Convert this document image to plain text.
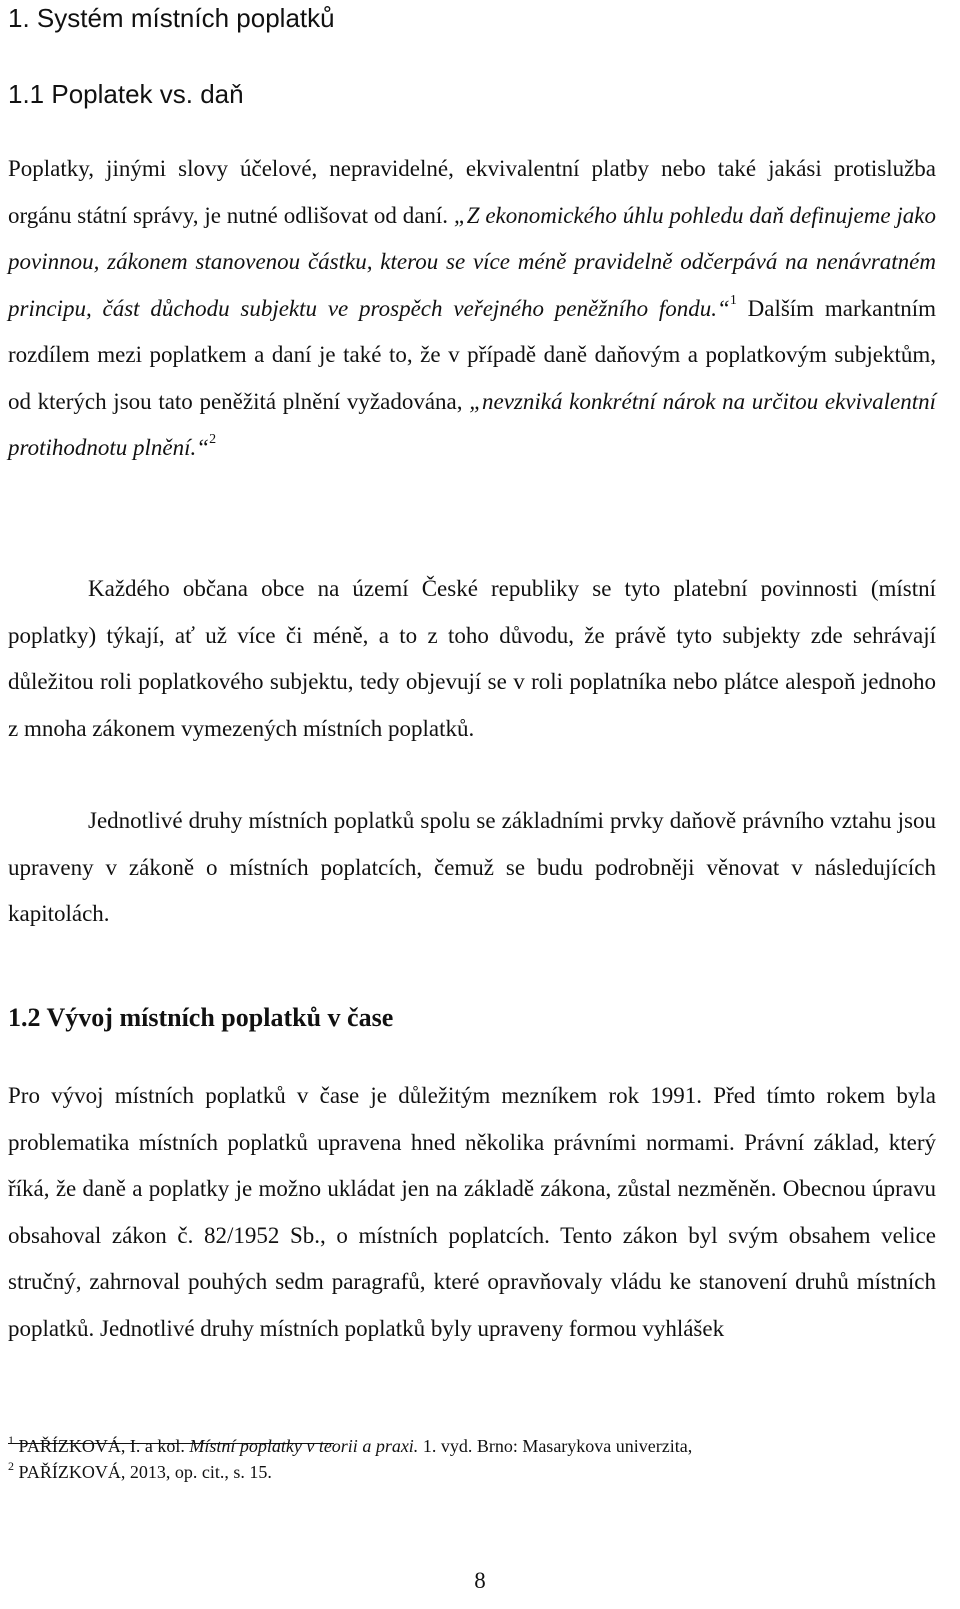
1. Systém místních poplatků
1.1 Poplatek vs. daň

Poplatky, jinými slovy účelové, nepravidelné, ekvivalentní platby nebo také jakási protislužba orgánu státní správy, je nutné odlišovat od daní. „Z ekonomického úhlu pohledu daň definujeme jako povinnou, zákonem stanovenou částku, kterou se více méně pravidelně odčerpává na nenávratném principu, část důchodu subjektu ve prospěch veřejného peněžního fondu.“$^1$ Dalším markantním rozdílem mezi poplatkem a daní je také to, že v případě daně daňovým a poplatkovým subjektům, od kterých jsou tato peněžitá plnění vyžadována, „nevzniká konkrétní nárok na určitou ekvivalentní protihodnotu plnění.“$^2$

Každého občana obce na území České republiky se tyto platební povinnosti (místní poplatky) týkají, ať už více či méně, a to z toho důvodu, že právě tyto subjekty zde sehrávají důležitou roli poplatkového subjektu, tedy objevují se v roli poplatníka nebo plátce alespoň jednoho z mnoha zákonem vymezených místních poplatků.

Jednotlivé druhy místních poplatků spolu se základními prvky daňově právního vztahu jsou upraveny v zákoně o místních poplatcích, čemuž se budu podrobněji věnovat v následujících kapitolách.

1.2 Vývoj místních poplatků v čase

Pro vývoj místních poplatků v čase je důležitým mezníkem rok 1991. Před tímto rokem byla problematika místních poplatků upravena hned několika právními normami. Právní základ, který říká, že daně a poplatky je možno ukládat jen na základě zákona, zůstal nezměněn. Obecnou úpravu obsahoval zákon č. 82/1952 Sb., o místních poplatcích. Tento zákon byl svým obsahem velice stručný, zahrnoval pouhých sedm paragrafů, které opravňovaly vládu ke stanovení druhů místních poplatků. Jednotlivé druhy místních poplatků byly upraveny formou vyhlášek

$^1$ PAŘÍZKOVÁ, I. a kol. Místní poplatky v teorii a praxi. 1. vyd. Brno: Masarykova univerzita,
$^2$ PAŘÍZKOVÁ, 2013, op. cit., s. 15.
8
